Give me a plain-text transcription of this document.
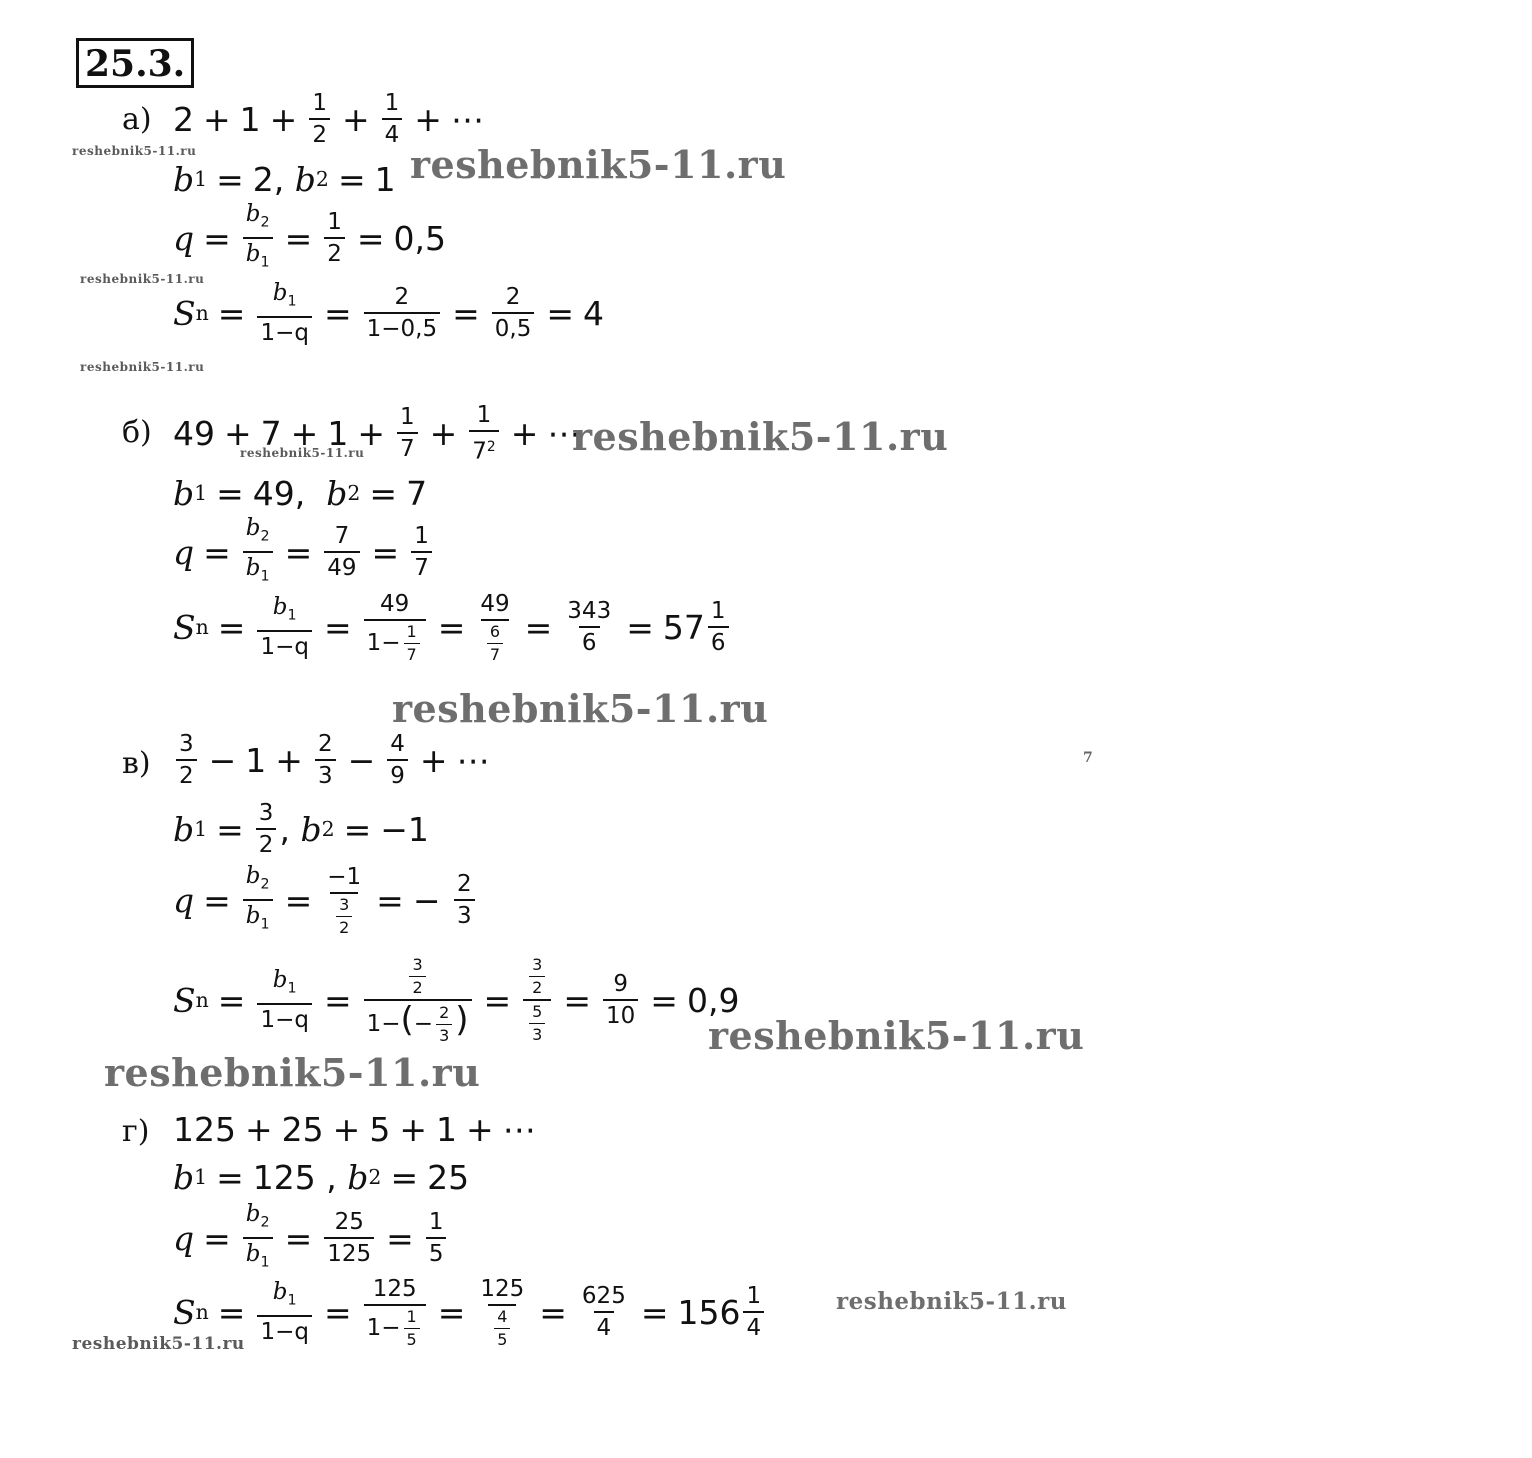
25.3.
а) $2 + 1 + \frac{1}{2} + \frac{1}{4}$ + ⋯
b 1 = 2 ,
b 2 = 1
$q = \frac{b_2}{b_1} = \frac{1}{2} = 0,5$
S $n = \frac{b_1}{1-q} = \frac{2}{1-0,5} = \frac{2}{0,5} = 4$
б) $49 + 7 + 1 + \frac{1}{7} + \frac{1}{7^2}$ + ⋯
b 1 = 49,
b 2 = 7
$q = \frac{b_2}{b_1} = \frac{7}{49} = \frac{1}{7}$
S $n = \frac{b_1}{1-q} = \frac{49}{1- \frac{1}{7}} = \frac{49}{\frac{6}{7}} = \frac{343}{6} = 57 \frac{1}{6}$
$в) \frac{3}{2} - 1 + \frac{2}{3} - \frac{4}{9}$ + ⋯
b $1 = \frac{3}{2}$ ,
b 2 = −1
$q = \frac{b_2}{b_1} = \frac{-1}{\frac{3}{2}}$ = −
$\frac{2}{3}$
S $n = \frac{b_1}{1-q} = \frac{\frac{3}{2}}{1-(- \frac{2}{3} )} = \frac{\frac{3}{2}}{\frac{5}{3}} = \frac{9}{10} = 0,9$
г) 125 + 25 + 5 + 1 + ⋯
b 1 = 125
,
b 2 = 25
$q = \frac{b_2}{b_1} = \frac{25}{125} = \frac{1}{5}$
S $n = \frac{b_1}{1-q} = \frac{125}{1- \frac{1}{5}} = \frac{125}{\frac{4}{5}} = \frac{625}{4} = 156 \frac{1}{4}$
reshebnik5-11.ru	reshebnik5-11.ru
reshebnik5-11.ru
reshebnik5-11.ru
reshebnik5-11.ru	reshebnik5-11.ru
reshebnik5-11.ru
7
reshebnik5-11.ru
reshebnik5-11.ru
reshebnik5-11.ru
reshebnik5-11.ru
